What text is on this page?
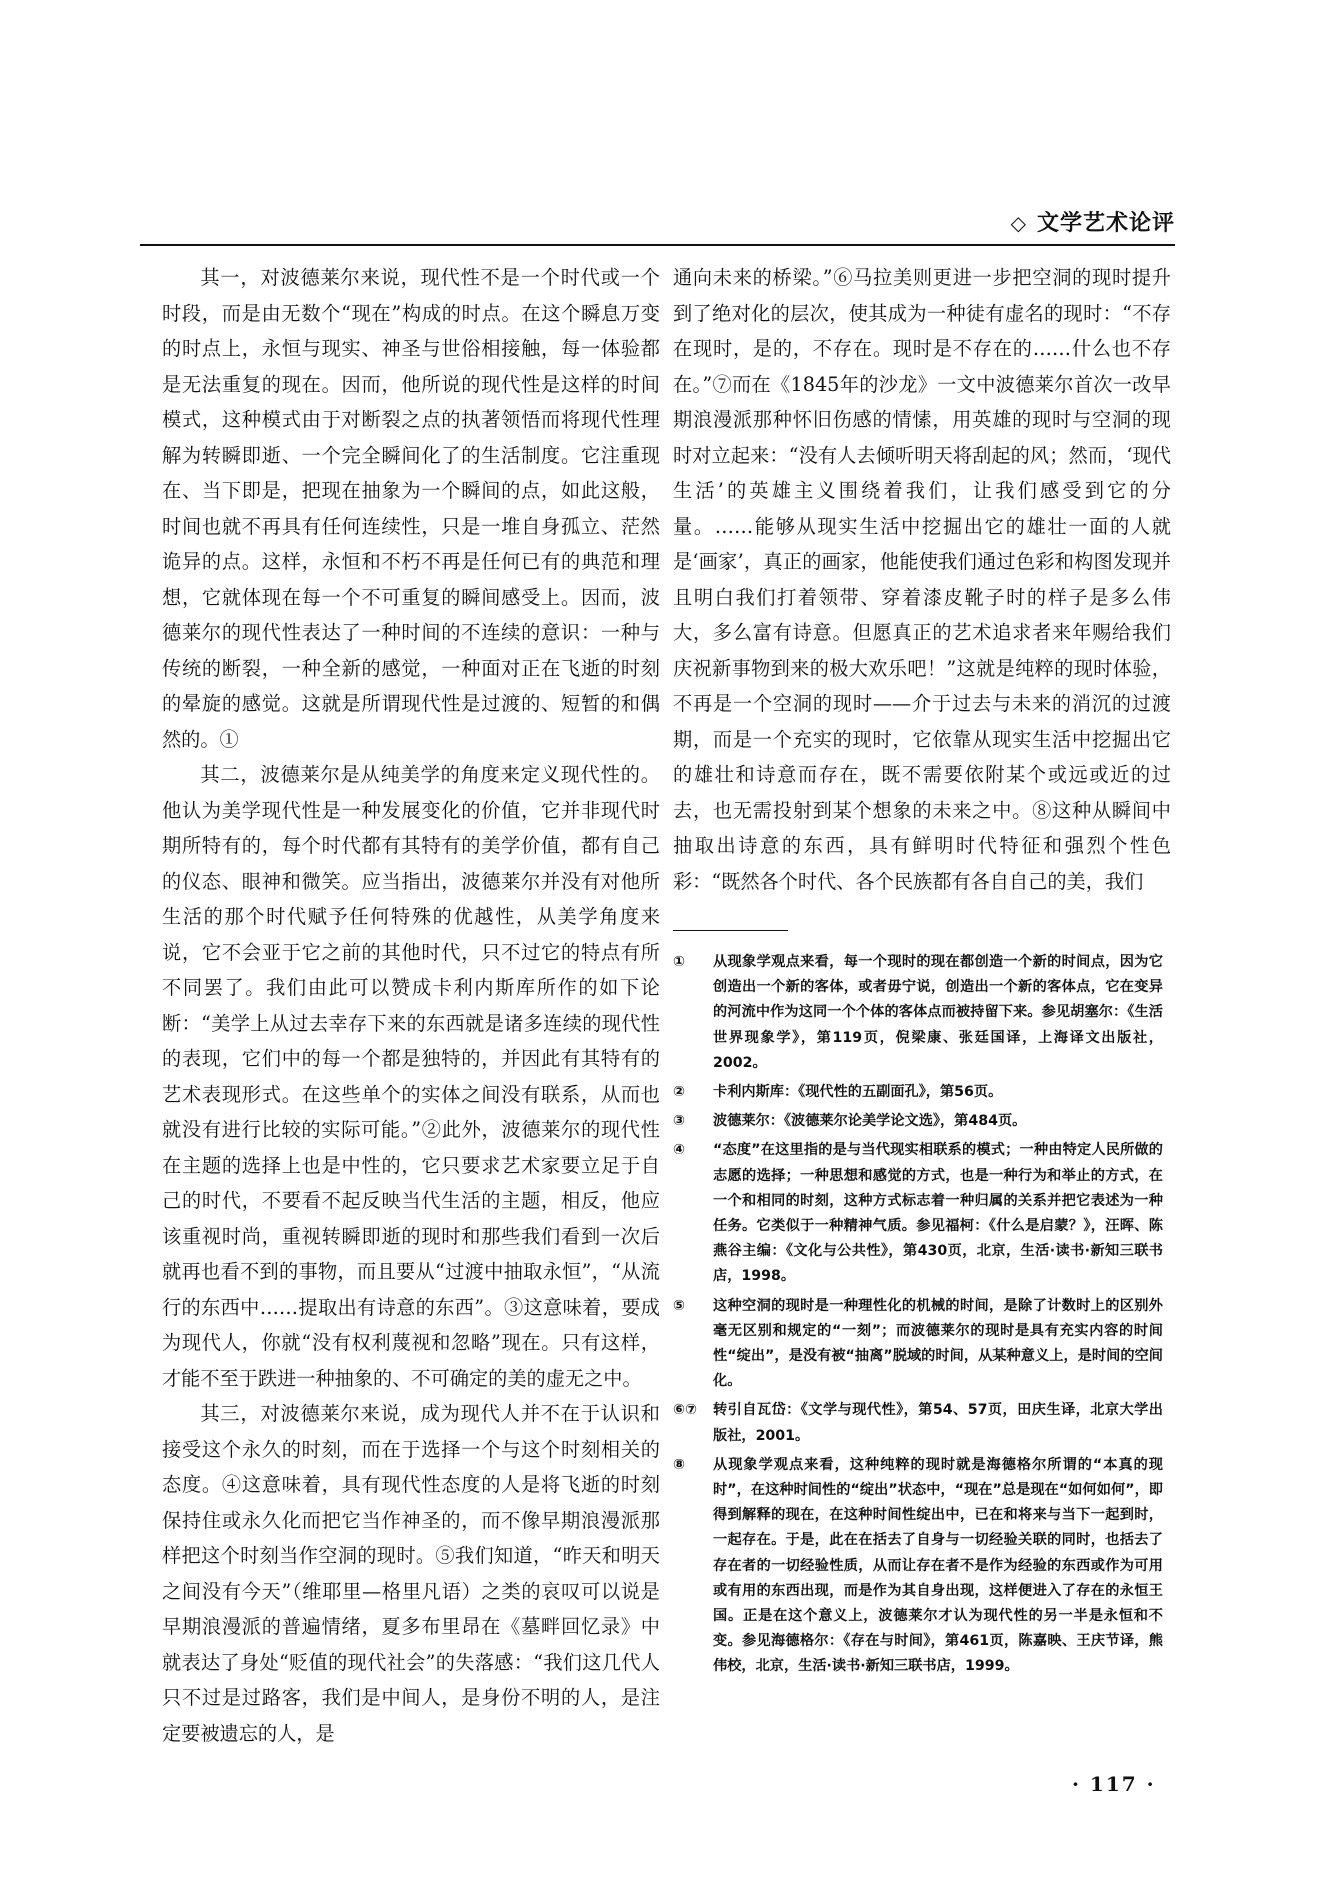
◇ 文学艺术论评

其一，对波德莱尔来说，现代性不是一个时代或一个时段，而是由无数个“现在”构成的时点。在这个瞬息万变的时点上，永恒与现实、神圣与世俗相接触，每一体验都是无法重复的现在。因而，他所说的现代性是这样的时间模式，这种模式由于对断裂之点的执著领悟而将现代性理解为转瞬即逝、一个完全瞬间化了的生活制度。它注重现在、当下即是，把现在抽象为一个瞬间的点，如此这般，时间也就不再具有任何连续性，只是一堆自身孤立、茫然诡异的点。这样，永恒和不朽不再是任何已有的典范和理想，它就体现在每一个不可重复的瞬间感受上。因而，波德莱尔的现代性表达了一种时间的不连续的意识：一种与传统的断裂，一种全新的感觉，一种面对正在飞逝的时刻的晕旋的感觉。这就是所谓现代性是过渡的、短暂的和偶然的。①

其二，波德莱尔是从纯美学的角度来定义现代性的。他认为美学现代性是一种发展变化的价值，它并非现代时期所特有的，每个时代都有其特有的美学价值，都有自己的仪态、眼神和微笑。应当指出，波德莱尔并没有对他所生活的那个时代赋予任何特殊的优越性，从美学角度来说，它不会亚于它之前的其他时代，只不过它的特点有所不同罢了。我们由此可以赞成卡利内斯库所作的如下论断：“美学上从过去幸存下来的东西就是诸多连续的现代性的表现，它们中的每一个都是独特的，并因此有其特有的艺术表现形式。在这些单个的实体之间没有联系，从而也就没有进行比较的实际可能。”②此外，波德莱尔的现代性在主题的选择上也是中性的，它只要求艺术家要立足于自己的时代，不要看不起反映当代生活的主题，相反，他应该重视时尚，重视转瞬即逝的现时和那些我们看到一次后就再也看不到的事物，而且要从“过渡中抽取永恒”，“从流行的东西中……提取出有诗意的东西”。③这意味着，要成为现代人，你就“没有权利蔑视和忽略”现在。只有这样，才能不至于跌进一种抽象的、不可确定的美的虚无之中。

其三，对波德莱尔来说，成为现代人并不在于认识和接受这个永久的时刻，而在于选择一个与这个时刻相关的态度。④这意味着，具有现代性态度的人是将飞逝的时刻保持住或永久化而把它当作神圣的，而不像早期浪漫派那样把这个时刻当作空洞的现时。⑤我们知道，“昨天和明天之间没有今天”（维耶里—格里凡语）之类的哀叹可以说是早期浪漫派的普遍情绪，夏多布里昂在《墓畔回忆录》中就表达了身处“贬值的现代社会”的失落感：“我们这几代人只不过是过路客，我们是中间人，是身份不明的人，是注定要被遗忘的人，是

通向未来的桥梁。”⑥马拉美则更进一步把空洞的现时提升到了绝对化的层次，使其成为一种徒有虚名的现时：“不存在现时，是的，不存在。现时是不存在的……什么也不存在。”⑦而在《1845年的沙龙》一文中波德莱尔首次一改早期浪漫派那种怀旧伤感的情愫，用英雄的现时与空洞的现时对立起来：“没有人去倾听明天将刮起的风；然而，‘现代生活’的英雄主义围绕着我们，让我们感受到它的分量。……能够从现实生活中挖掘出它的雄壮一面的人就是‘画家’，真正的画家，他能使我们通过色彩和构图发现并且明白我们打着领带、穿着漆皮靴子时的样子是多么伟大，多么富有诗意。但愿真正的艺术追求者来年赐给我们庆祝新事物到来的极大欢乐吧！”这就是纯粹的现时体验，不再是一个空洞的现时——介于过去与未来的消沉的过渡期，而是一个充实的现时，它依靠从现实生活中挖掘出它的雄壮和诗意而存在，既不需要依附某个或远或近的过去，也无需投射到某个想象的未来之中。⑧这种从瞬间中抽取出诗意的东西，具有鲜明时代特征和强烈个性色彩：“既然各个时代、各个民族都有各自自己的美，我们

① 从现象学观点来看，每一个现时的现在都创造一个新的时间点，因为它创造出一个新的客体，或者毋宁说，创造出一个新的客体点，它在变异的河流中作为这同一个个体的客体点而被持留下来。参见胡塞尔：《生活世界现象学》，第119页，倪梁康、张廷国译，上海译文出版社，2002。
② 卡利内斯库：《现代性的五副面孔》，第56页。
③ 波德莱尔：《波德莱尔论美学论文选》，第484页。
④ “态度”在这里指的是与当代现实相联系的模式；一种由特定人民所做的志愿的选择；一种思想和感觉的方式，也是一种行为和举止的方式，在一个和相同的时刻，这种方式标志着一种归属的关系并把它表述为一种任务。它类似于一种精神气质。参见福柯：《什么是启蒙？》，汪晖、陈燕谷主编：《文化与公共性》，第430页，北京，生活·读书·新知三联书店，1998。
⑤ 这种空洞的现时是一种理性化的机械的时间，是除了计数时上的区别外毫无区别和规定的“一刻”；而波德莱尔的现时是具有充实内容的时间性“绽出”，是没有被“抽离”脱域的时间，从某种意义上，是时间的空间化。
⑥⑦ 转引自瓦岱：《文学与现代性》，第54、57页，田庆生译，北京大学出版社，2001。
⑧ 从现象学观点来看，这种纯粹的现时就是海德格尔所谓的“本真的现时”，在这种时间性的“绽出”状态中，“现在”总是现在“如何如何”，即得到解释的现在，在这种时间性绽出中，已在和将来与当下一起到时，一起存在。于是，此在在括去了自身与一切经验关联的同时，也括去了存在者的一切经验性质，从而让存在者不是作为经验的东西或作为可用或有用的东西出现，而是作为其自身出现，这样便进入了存在的永恒王国。正是在这个意义上，波德莱尔才认为现代性的另一半是永恒和不变。参见海德格尔：《存在与时间》，第461页，陈嘉映、王庆节译，熊伟校，北京，生活·读书·新知三联书店，1999。
· 117 ·
